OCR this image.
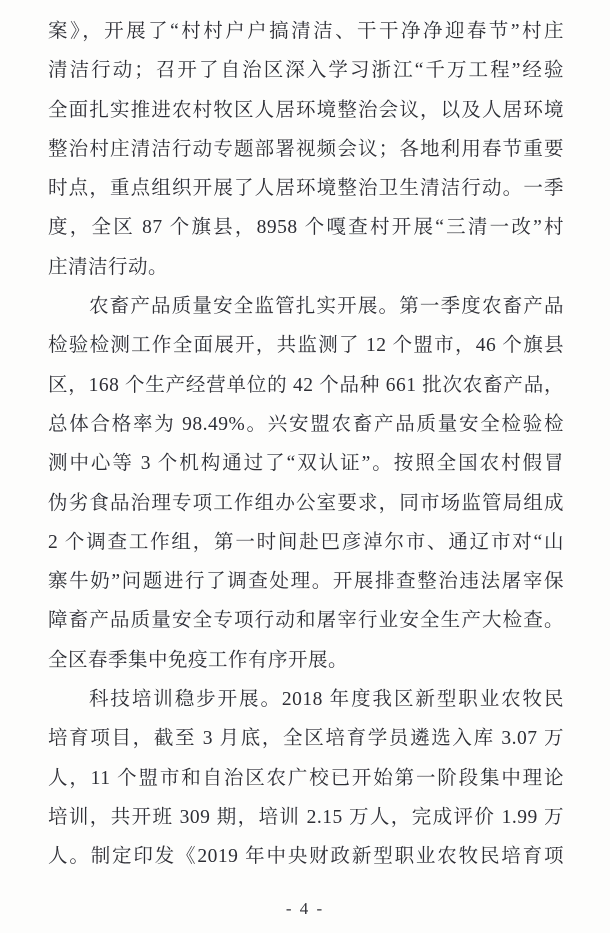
案》，开展了“村村户户搞清洁、干干净净迎春节”村庄
清洁行动；召开了自治区深入学习浙江“千万工程”经验
全面扎实推进农村牧区人居环境整治会议，以及人居环境
整治村庄清洁行动专题部署视频会议；各地利用春节重要
时点，重点组织开展了人居环境整治卫生清洁行动。一季
度，全区 87 个旗县，8958 个嘎查村开展“三清一改”村
庄清洁行动。
农畜产品质量安全监管扎实开展。第一季度农畜产品
检验检测工作全面展开，共监测了 12 个盟市，46 个旗县
区，168 个生产经营单位的 42 个品种 661 批次农畜产品，
总体合格率为 98.49%。兴安盟农畜产品质量安全检验检
测中心等 3 个机构通过了“双认证”。按照全国农村假冒
伪劣食品治理专项工作组办公室要求，同市场监管局组成
2 个调查工作组，第一时间赴巴彦淖尔市、通辽市对“山
寨牛奶”问题进行了调查处理。开展排查整治违法屠宰保
障畜产品质量安全专项行动和屠宰行业安全生产大检查。
全区春季集中免疫工作有序开展。
科技培训稳步开展。2018 年度我区新型职业农牧民
培育项目，截至 3 月底，全区培育学员遴选入库 3.07 万
人，11 个盟市和自治区农广校已开始第一阶段集中理论
培训，共开班 309 期，培训 2.15 万人，完成评价 1.99 万
人。制定印发《2019 年中央财政新型职业农牧民培育项
- 4 -
